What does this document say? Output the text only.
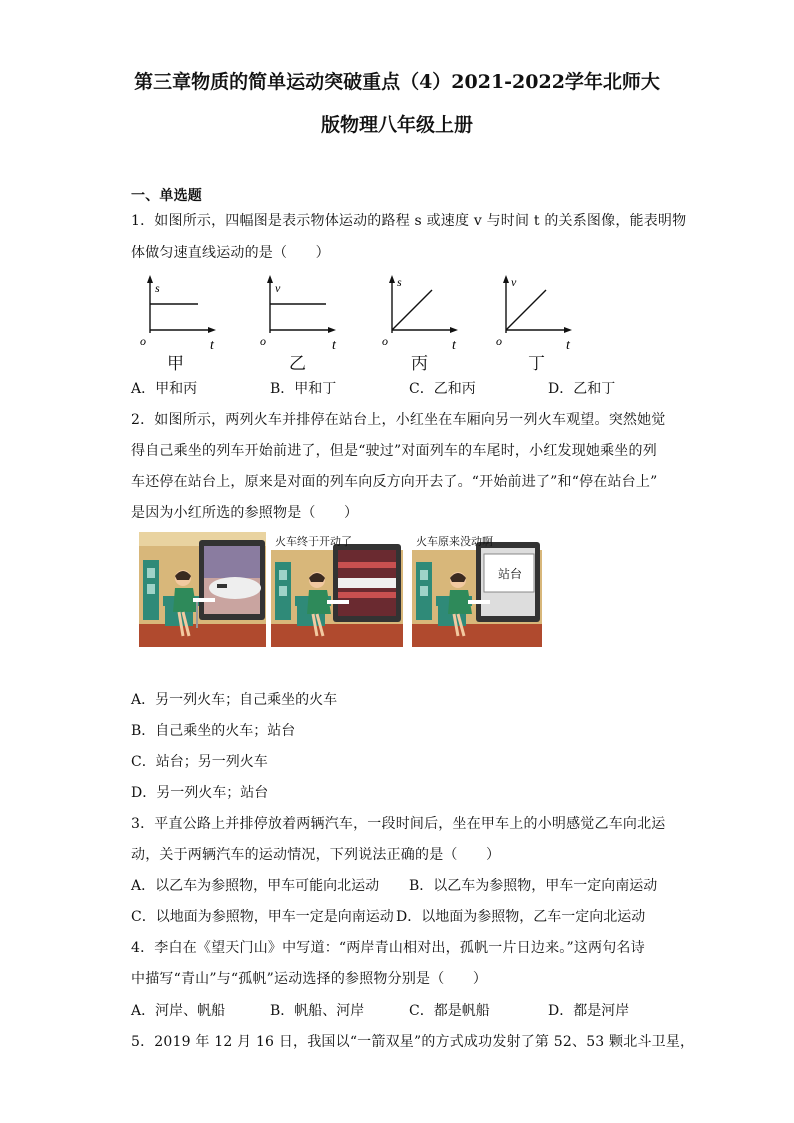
第三章物质的简单运动突破重点（4）2021-2022学年北师大
版物理八年级上册
一、单选题
1．如图所示，四幅图是表示物体运动的路程 s 或速度 v 与时间 t 的关系图像，能表明物
体做匀速直线运动的是（　　）
s
t
o
甲
v
t
o
乙
s
t
o
丙
v
t
o
丁
A．甲和丙	B．甲和丁	C．乙和丙	D．乙和丁
2．如图所示，两列火车并排停在站台上，小红坐在车厢向另一列火车观望。突然她觉
得自己乘坐的列车开始前进了，但是“驶过”对面列车的车尾时，小红发现她乘坐的列
车还停在站台上，原来是对面的列车向反方向开去了。“开始前进了”和“停在站台上”
是因为小红所选的参照物是（　　）
火车终于开动了
站台
火车原来没动啊
A．另一列火车；自己乘坐的火车
B．自己乘坐的火车；站台
C．站台；另一列火车
D．另一列火车；站台
3．平直公路上并排停放着两辆汽车，一段时间后，坐在甲车上的小明感觉乙车向北运
动，关于两辆汽车的运动情况，下列说法正确的是（　　）
A．以乙车为参照物，甲车可能向北运动 B．以乙车为参照物，甲车一定向南运动
C．以地面为参照物，甲车一定是向南运动 D．以地面为参照物，乙车一定向北运动
4．李白在《望天门山》中写道：“两岸青山相对出，孤帆一片日边来。”这两句名诗
中描写“青山”与“孤帆”运动选择的参照物分别是（　　）
A．河岸、帆船	B．帆船、河岸	C．都是帆船	D．都是河岸
5．2019 年 12 月 16 日，我国以“一箭双星”的方式成功发射了第 52、53 颗北斗卫星，
